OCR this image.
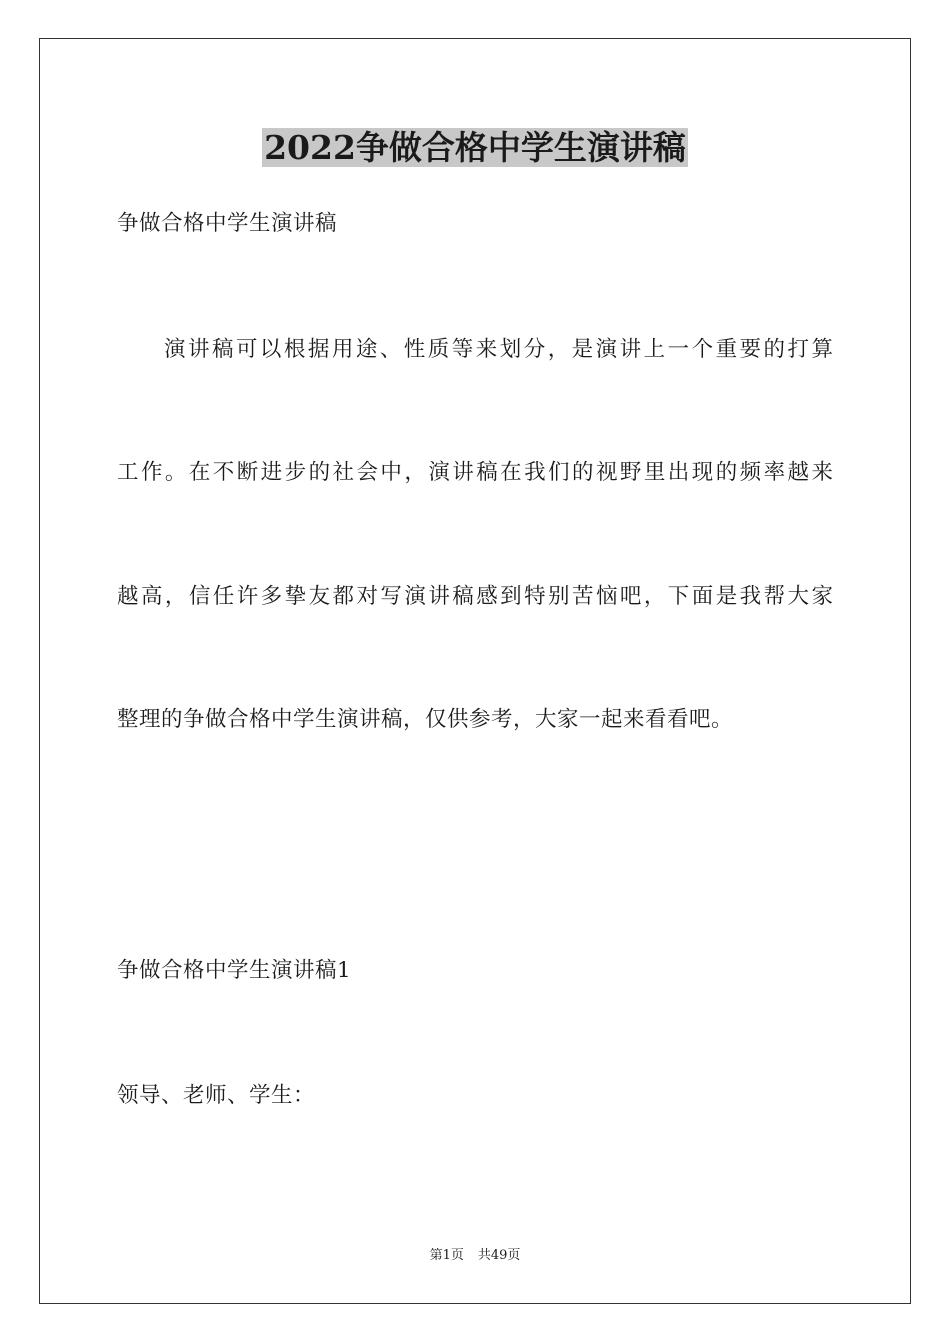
2022争做合格中学生演讲稿
争做合格中学生演讲稿
演讲稿可以根据用途、性质等来划分，是演讲上一个重要的打算
工作。在不断进步的社会中，演讲稿在我们的视野里出现的频率越来
越高，信任许多挚友都对写演讲稿感到特别苦恼吧，下面是我帮大家
整理的争做合格中学生演讲稿，仅供参考，大家一起来看看吧。
争做合格中学生演讲稿1
领导、老师、学生：
第1页 共49页
